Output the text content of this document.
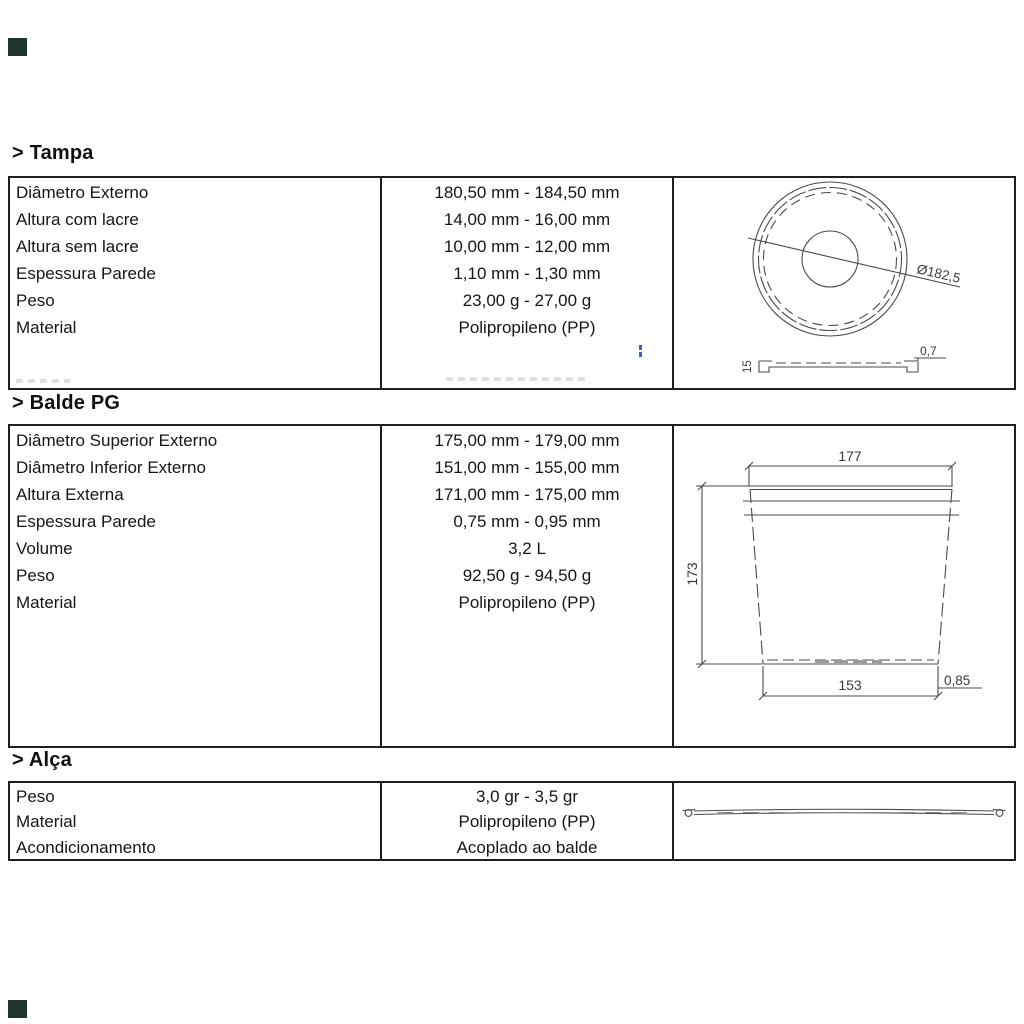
> Tampa
Diâmetro Externo
Altura com lacre
Altura sem lacre
Espessura Parede
Peso
Material
180,50 mm - 184,50 mm
14,00 mm - 16,00 mm
10,00 mm - 12,00 mm
1,10 mm - 1,30 mm
23,00 g - 27,00 g
Polipropileno (PP)
Ø182,5
15
0,7
> Balde PG
Diâmetro Superior Externo
Diâmetro Inferior Externo
Altura Externa
Espessura Parede
Volume
Peso
Material
175,00 mm - 179,00 mm
151,00 mm - 155,00 mm
171,00 mm - 175,00 mm
0,75 mm - 0,95 mm
3,2 L
92,50 g - 94,50 g
Polipropileno (PP)
177
173
153	0,85
> Alça
Peso
Material
Acondicionamento
3,0 gr - 3,5 gr
Polipropileno (PP)
Acoplado ao balde
